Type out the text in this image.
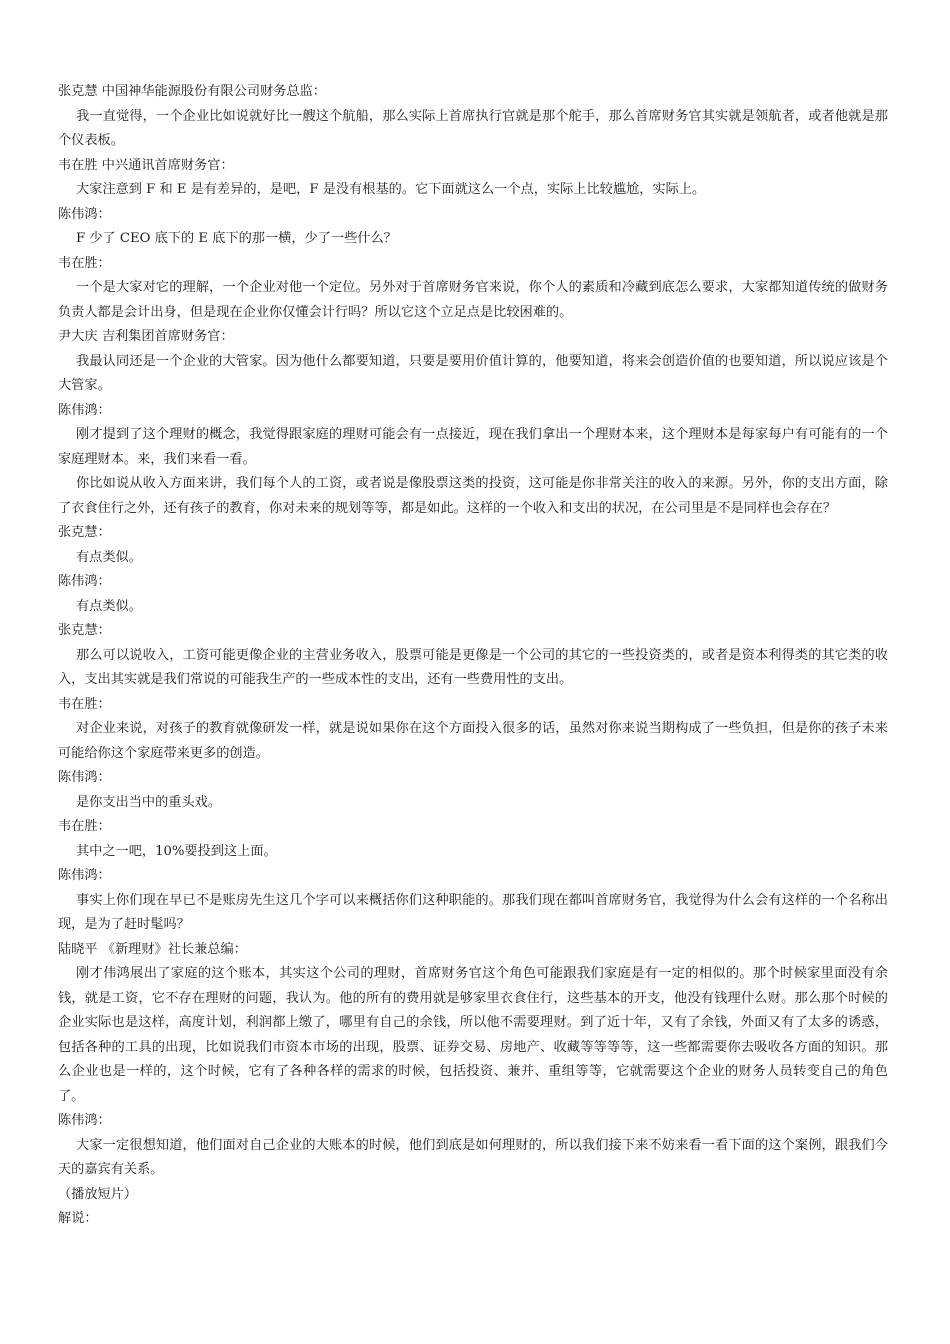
张克慧 中国神华能源股份有限公司财务总监：

我一直觉得，一个企业比如说就好比一艘这个航船，那么实际上首席执行官就是那个舵手，那么首席财务官其实就是领航者，或者他就是那个仪表板。

韦在胜 中兴通讯首席财务官：

大家注意到 F 和 E 是有差异的，是吧，F 是没有根基的。它下面就这么一个点，实际上比较尴尬，实际上。

陈伟鸿：

F 少了 CEO 底下的 E 底下的那一横，少了一些什么？

韦在胜：

一个是大家对它的理解，一个企业对他一个定位。另外对于首席财务官来说，你个人的素质和冷藏到底怎么要求，大家都知道传统的做财务负责人都是会计出身，但是现在企业你仅懂会计行吗？所以它这个立足点是比较困难的。

尹大庆 吉利集团首席财务官：

我最认同还是一个企业的大管家。因为他什么都要知道，只要是要用价值计算的，他要知道，将来会创造价值的也要知道，所以说应该是个大管家。

陈伟鸿：

刚才提到了这个理财的概念，我觉得跟家庭的理财可能会有一点接近，现在我们拿出一个理财本来，这个理财本是每家每户有可能有的一个家庭理财本。来，我们来看一看。

你比如说从收入方面来讲，我们每个人的工资，或者说是像股票这类的投资，这可能是你非常关注的收入的来源。另外，你的支出方面，除了衣食住行之外，还有孩子的教育，你对未来的规划等等，都是如此。这样的一个收入和支出的状况，在公司里是不是同样也会存在？

张克慧：

有点类似。

陈伟鸿：

有点类似。

张克慧：

那么可以说收入，工资可能更像企业的主营业务收入，股票可能是更像是一个公司的其它的一些投资类的，或者是资本利得类的其它类的收入，支出其实就是我们常说的可能我生产的一些成本性的支出，还有一些费用性的支出。

韦在胜：

对企业来说，对孩子的教育就像研发一样，就是说如果你在这个方面投入很多的话，虽然对你来说当期构成了一些负担，但是你的孩子未来可能给你这个家庭带来更多的创造。

陈伟鸿：

是你支出当中的重头戏。

韦在胜：

其中之一吧，10%要投到这上面。

陈伟鸿：

事实上你们现在早已不是账房先生这几个字可以来概括你们这种职能的。那我们现在都叫首席财务官，我觉得为什么会有这样的一个名称出现，是为了赶时髦吗？

陆晓平 《新理财》社长兼总编：

刚才伟鸿展出了家庭的这个账本，其实这个公司的理财，首席财务官这个角色可能跟我们家庭是有一定的相似的。那个时候家里面没有余钱，就是工资，它不存在理财的问题，我认为。他的所有的费用就是够家里衣食住行，这些基本的开支，他没有钱理什么财。那么那个时候的企业实际也是这样，高度计划，利润都上缴了，哪里有自己的余钱，所以他不需要理财。到了近十年，又有了余钱，外面又有了太多的诱惑，包括各种的工具的出现，比如说我们市资本市场的出现，股票、证券交易、房地产、收藏等等等等，这一些都需要你去吸收各方面的知识。那么企业也是一样的，这个时候，它有了各种各样的需求的时候，包括投资、兼并、重组等等，它就需要这个企业的财务人员转变自己的角色了。

陈伟鸿：

大家一定很想知道，他们面对自己企业的大账本的时候，他们到底是如何理财的，所以我们接下来不妨来看一看下面的这个案例，跟我们今天的嘉宾有关系。

（播放短片）

解说：
